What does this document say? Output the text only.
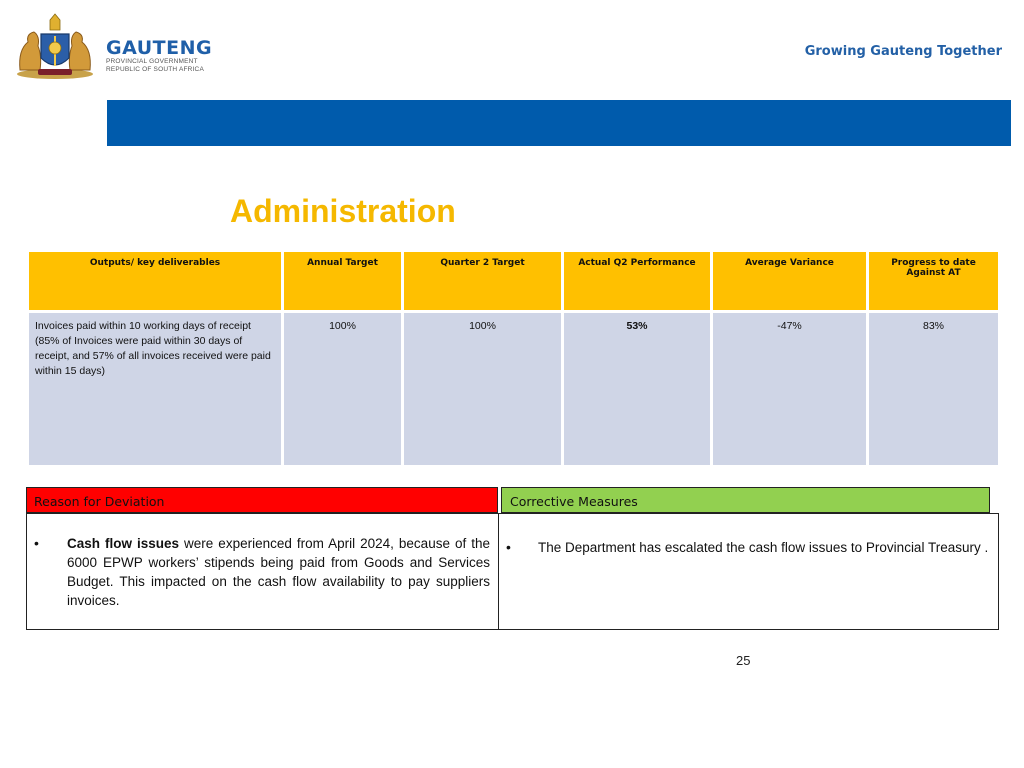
GAUTENG
PROVINCIAL GOVERNMENT
REPUBLIC OF SOUTH AFRICA
Growing Gauteng Together
Administration
Outputs/ key deliverables	Annual Target	Quarter 2 Target	Actual Q2 Performance	Average Variance	Progress to date Against AT
Invoices paid within 10 working days of receipt (85% of Invoices were paid within 30 days of receipt, and 57% of all invoices received were paid within 15 days)	100%	100%	53%	-47%	83%
Reason for Deviation	Corrective Measures
• Cash flow issues were experienced from April 2024, because of the 6000 EPWP workers’ stipends being paid from Goods and Services Budget. This impacted on the cash flow availability to pay suppliers invoices.
• The Department has escalated the cash flow issues to Provincial Treasury .
25
